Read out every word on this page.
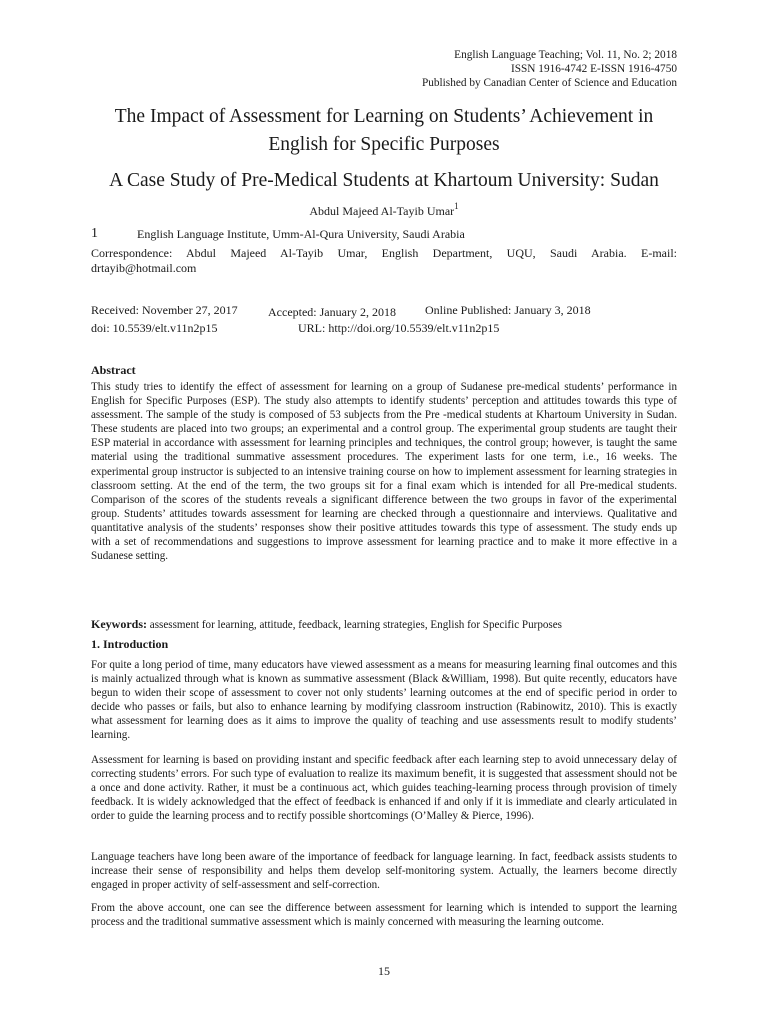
English Language Teaching; Vol. 11, No. 2; 2018
ISSN 1916-4742 E-ISSN 1916-4750
Published by Canadian Center of Science and Education
The Impact of Assessment for Learning on Students’ Achievement in
English for Specific Purposes
A Case Study of Pre-Medical Students at Khartoum University: Sudan
Abdul Majeed Al-Tayib Umar$^1$
1	English Language Institute, Umm-Al-Qura University, Saudi Arabia
Correspondence: Abdul Majeed Al-Tayib Umar, English Department, UQU, Saudi Arabia. E-mail:
drtayib@hotmail.com
Received: November 27, 2017	Accepted: January 2, 2018 Online Published: January 3, 2018
doi: 10.5539/elt.v11n2p15	URL: http://doi.org/10.5539/elt.v11n2p15
Abstract

This study tries to identify the effect of assessment for learning on a group of Sudanese pre-medical students’ performance in English for Specific Purposes (ESP). The study also attempts to identify students’ perception and attitudes towards this type of assessment. The sample of the study is composed of 53 subjects from the Pre -medical students at Khartoum University in Sudan. These students are placed into two groups; an experimental and a control group. The experimental group students are taught their ESP material in accordance with assessment for learning principles and techniques, the control group; however, is taught the same material using the traditional summative assessment procedures. The experiment lasts for one term, i.e., 16 weeks. The experimental group instructor is subjected to an intensive training course on how to implement assessment for learning strategies in classroom setting. At the end of the term, the two groups sit for a final exam which is intended for all Pre-medical students. Comparison of the scores of the students reveals a significant difference between the two groups in favor of the experimental group. Students’ attitudes towards assessment for learning are checked through a questionnaire and interviews. Qualitative and quantitative analysis of the students’ responses show their positive attitudes towards this type of assessment. The study ends up with a set of recommendations and suggestions to improve assessment for learning practice and to make it more effective in a Sudanese setting.

Keywords: assessment for learning, attitude, feedback, learning strategies, English for Specific Purposes
1. Introduction

For quite a long period of time, many educators have viewed assessment as a means for measuring learning final outcomes and this is mainly actualized through what is known as summative assessment (Black &William, 1998). But quite recently, educators have begun to widen their scope of assessment to cover not only students’ learning outcomes at the end of specific period in order to decide who passes or fails, but also to enhance learning by modifying classroom instruction (Rabinowitz, 2010). This is exactly what assessment for learning does as it aims to improve the quality of teaching and use assessments result to modify students’ learning.

Assessment for learning is based on providing instant and specific feedback after each learning step to avoid unnecessary delay of correcting students’ errors. For such type of evaluation to realize its maximum benefit, it is suggested that assessment should not be a once and done activity. Rather, it must be a continuous act, which guides teaching-learning process through provision of timely feedback. It is widely acknowledged that the effect of feedback is enhanced if and only if it is immediate and clearly articulated in order to guide the learning process and to rectify possible shortcomings (O’Malley & Pierce, 1996).

Language teachers have long been aware of the importance of feedback for language learning. In fact, feedback assists students to increase their sense of responsibility and helps them develop self-monitoring system. Actually, the learners become directly engaged in proper activity of self-assessment and self-correction.

From the above account, one can see the difference between assessment for learning which is intended to support the learning process and the traditional summative assessment which is mainly concerned with measuring the learning outcome.

15
